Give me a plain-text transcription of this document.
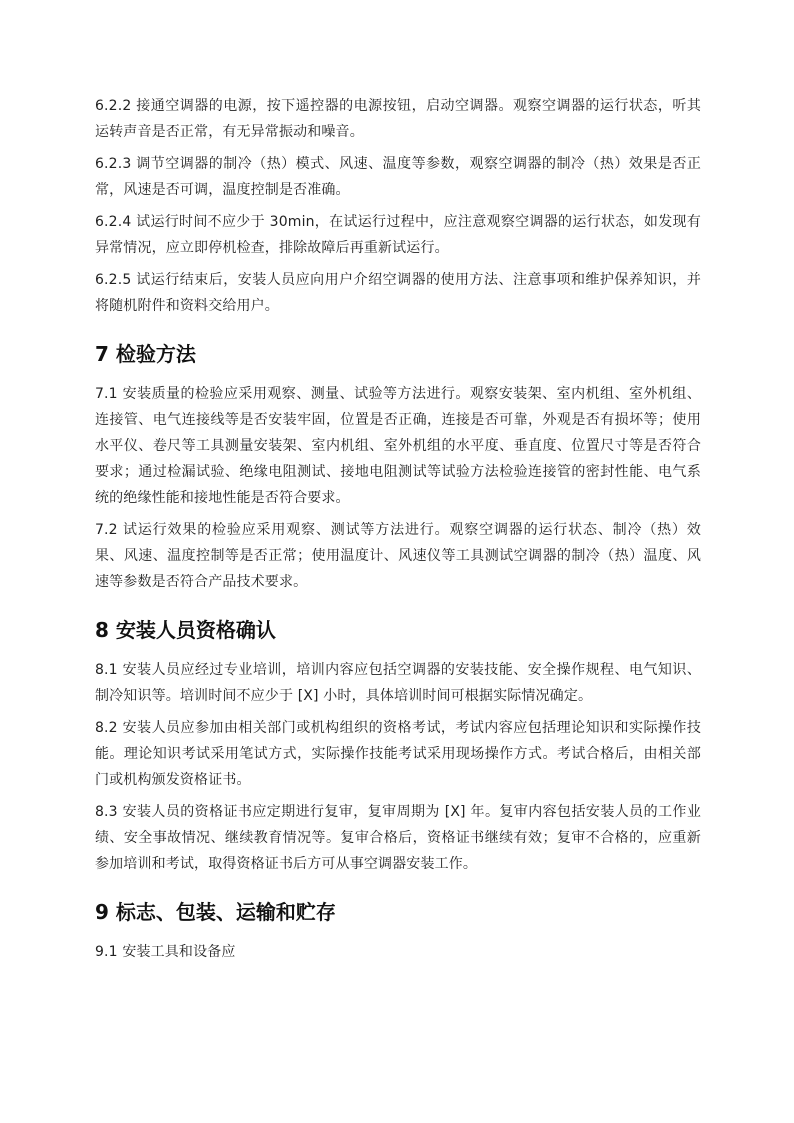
6.2.2 接通空调器的电源，按下遥控器的电源按钮，启动空调器。观察空调器的运行状态，听其运转声音是否正常，有无异常振动和噪音。

6.2.3 调节空调器的制冷（热）模式、风速、温度等参数，观察空调器的制冷（热）效果是否正常，风速是否可调，温度控制是否准确。

6.2.4 试运行时间不应少于 30min，在试运行过程中，应注意观察空调器的运行状态，如发现有异常情况，应立即停机检查，排除故障后再重新试运行。

6.2.5 试运行结束后，安装人员应向用户介绍空调器的使用方法、注意事项和维护保养知识，并将随机附件和资料交给用户。

7 检验方法

7.1 安装质量的检验应采用观察、测量、试验等方法进行。观察安装架、室内机组、室外机组、连接管、电气连接线等是否安装牢固，位置是否正确，连接是否可靠，外观是否有损坏等；使用水平仪、卷尺等工具测量安装架、室内机组、室外机组的水平度、垂直度、位置尺寸等是否符合要求；通过检漏试验、绝缘电阻测试、接地电阻测试等试验方法检验连接管的密封性能、电气系统的绝缘性能和接地性能是否符合要求。

7.2 试运行效果的检验应采用观察、测试等方法进行。观察空调器的运行状态、制冷（热）效果、风速、温度控制等是否正常；使用温度计、风速仪等工具测试空调器的制冷（热）温度、风速等参数是否符合产品技术要求。

8 安装人员资格确认

8.1 安装人员应经过专业培训，培训内容应包括空调器的安装技能、安全操作规程、电气知识、制冷知识等。培训时间不应少于 [X] 小时，具体培训时间可根据实际情况确定。

8.2 安装人员应参加由相关部门或机构组织的资格考试，考试内容应包括理论知识和实际操作技能。理论知识考试采用笔试方式，实际操作技能考试采用现场操作方式。考试合格后，由相关部门或机构颁发资格证书。

8.3 安装人员的资格证书应定期进行复审，复审周期为 [X] 年。复审内容包括安装人员的工作业绩、安全事故情况、继续教育情况等。复审合格后，资格证书继续有效；复审不合格的，应重新参加培训和考试，取得资格证书后方可从事空调器安装工作。

9 标志、包装、运输和贮存

9.1 安装工具和设备应
